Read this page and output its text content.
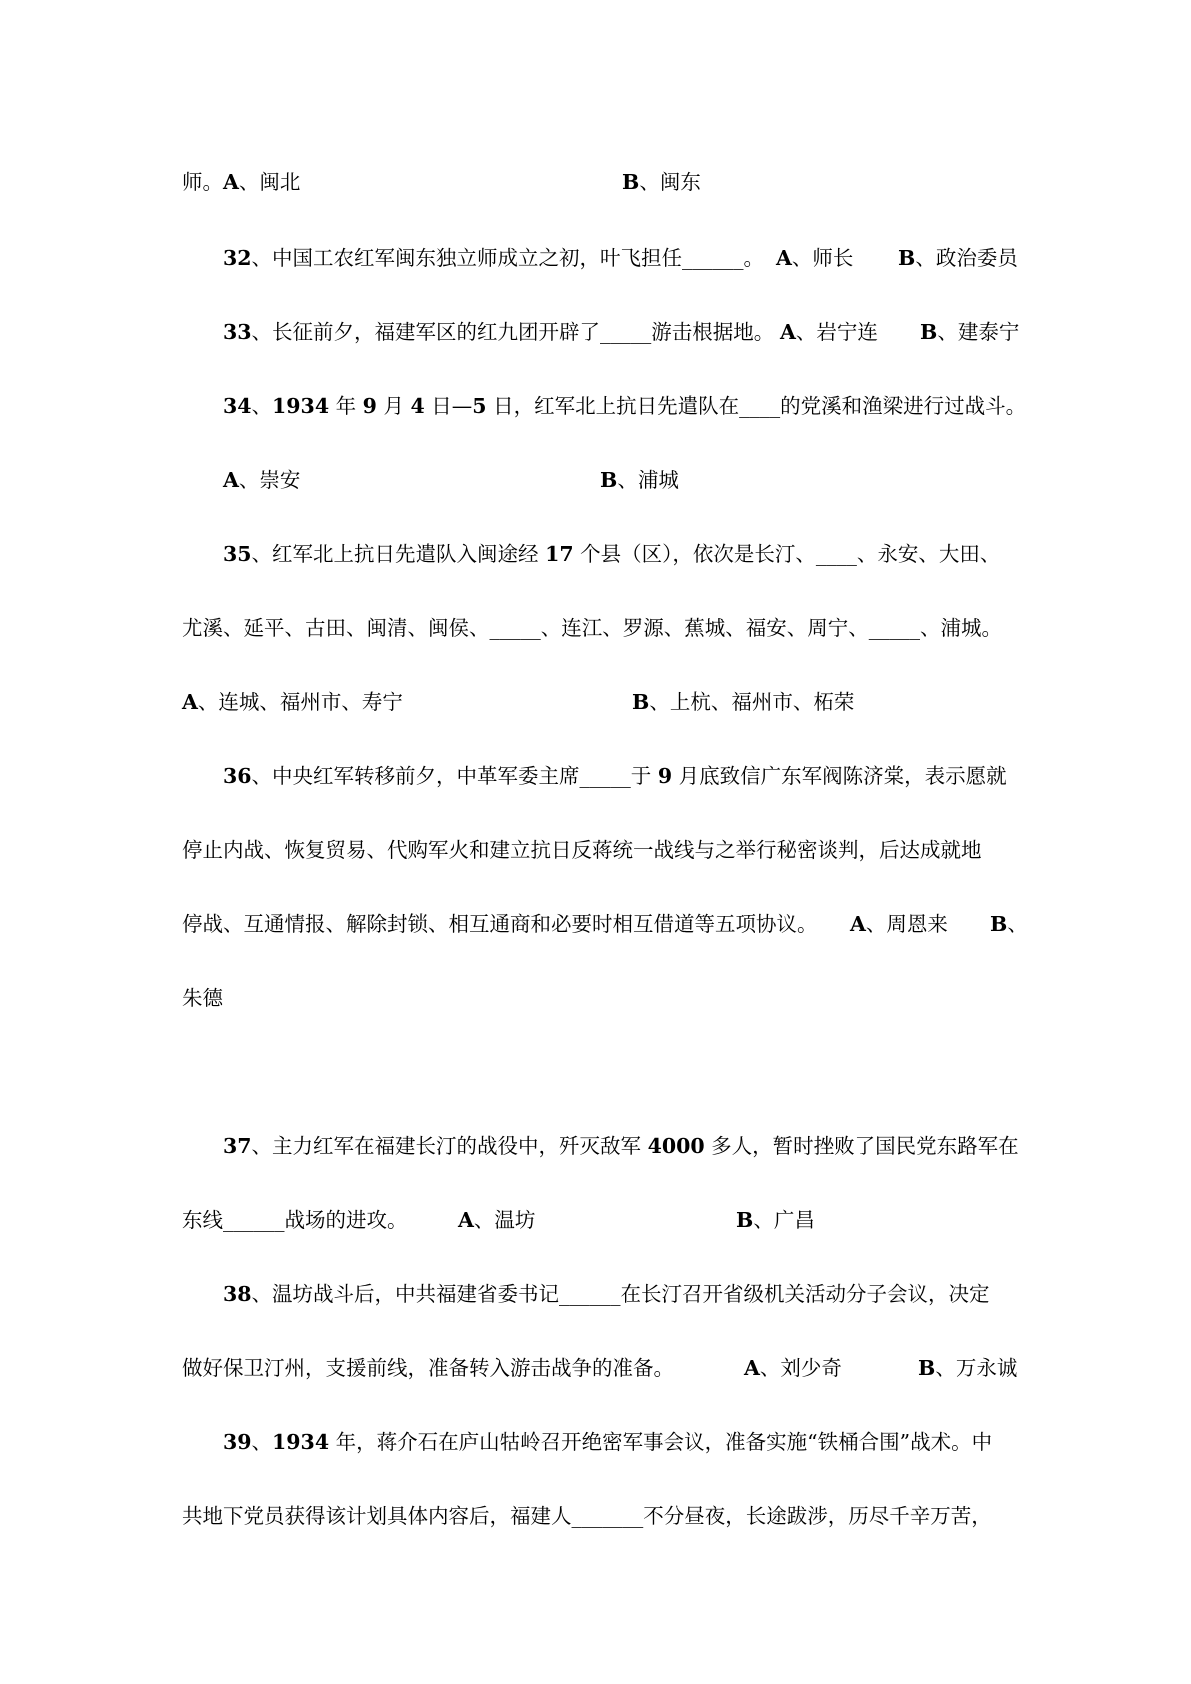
师。 A、闽北	B、闽东
32、中国工农红军闽东独立师成立之初，叶飞担任______。 A、师长 B、政治委员
33、长征前夕，福建军区的红九团开辟了_____游击根据地。 A、岩宁连 B、建泰宁
34、1934 年 9 月 4 日—5 日，红军北上抗日先遣队在____的党溪和渔梁进行过战斗。
A、崇安	B、浦城
35、红军北上抗日先遣队入闽途经 17 个县（区），依次是长汀、____、永安、大田、
尤溪、延平、古田、闽清、闽侯、_____、连江、罗源、蕉城、福安、周宁、_____、浦城。
A、连城、福州市、寿宁	B、上杭、福州市、柘荣
36、中央红军转移前夕，中革军委主席_____于 9 月底致信广东军阀陈济棠，表示愿就
停止内战、恢复贸易、代购军火和建立抗日反蒋统一战线与之举行秘密谈判，后达成就地
停战、互通情报、解除封锁、相互通商和必要时相互借道等五项协议。 A、周恩来 B、
朱德
37、主力红军在福建长汀的战役中，歼灭敌军 4000 多人，暂时挫败了国民党东路军在
东线______战场的进攻。 A、温坊	B、广昌
38、温坊战斗后，中共福建省委书记______在长汀召开省级机关活动分子会议，决定
做好保卫汀州，支援前线，准备转入游击战争的准备。	A、刘少奇	B、万永诚
39、1934 年，蒋介石在庐山牯岭召开绝密军事会议，准备实施“铁桶合围”战术。中
共地下党员获得该计划具体内容后，福建人_______不分昼夜，长途跋涉，历尽千辛万苦，
